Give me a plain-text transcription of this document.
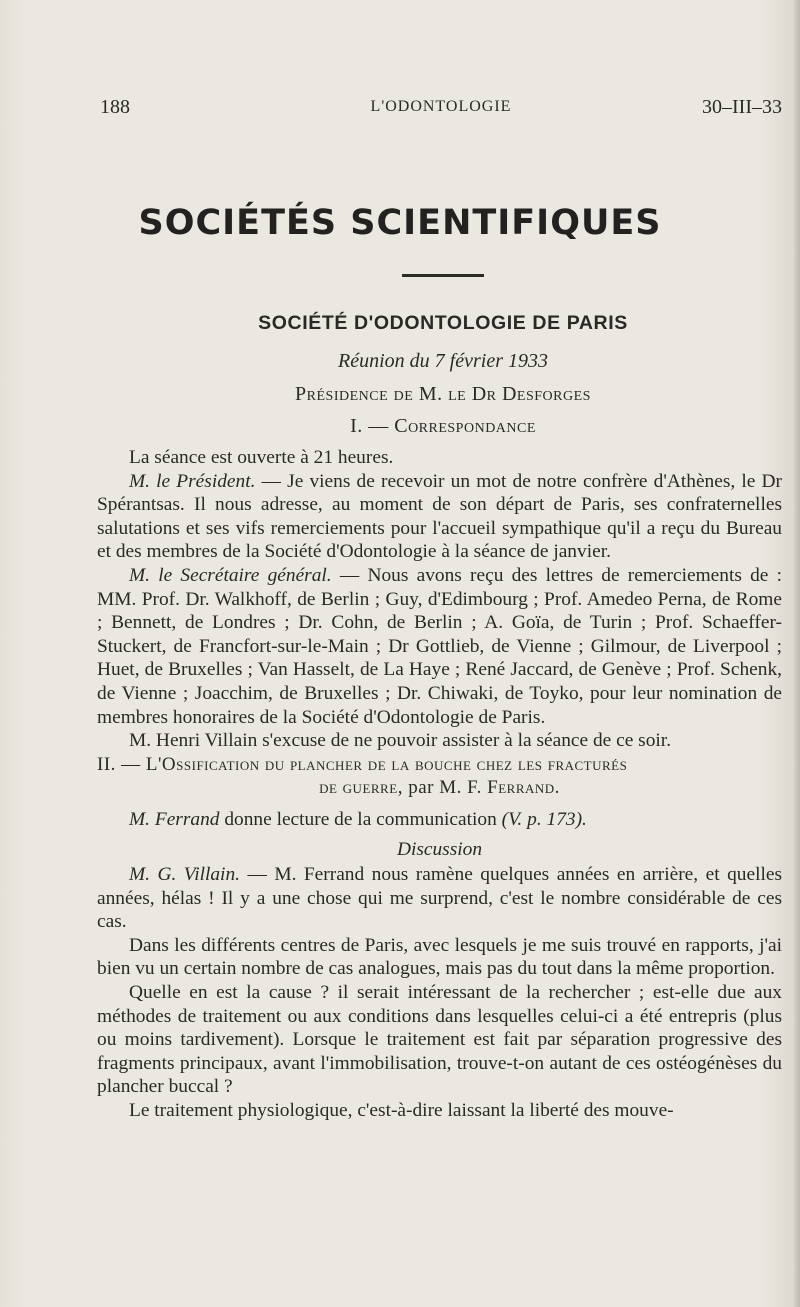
188	L'ODONTOLOGIE	30–III–33
SOCIÉTÉS SCIENTIFIQUES
SOCIÉTÉ D'ODONTOLOGIE DE PARIS
Réunion du 7 février 1933
Présidence de M. le Dr Desforges
I. — Correspondance

La séance est ouverte à 21 heures.

M. le Président. — Je viens de recevoir un mot de notre confrère d'Athènes, le Dr Spérantsas. Il nous adresse, au moment de son départ de Paris, ses confraternelles salutations et ses vifs remerciements pour l'accueil sympathique qu'il a reçu du Bureau et des membres de la Société d'Odontologie à la séance de janvier.

M. le Secrétaire général. — Nous avons reçu des lettres de remerciements de : MM. Prof. Dr. Walkhoff, de Berlin ; Guy, d'Edimbourg ; Prof. Amedeo Perna, de Rome ; Bennett, de Londres ; Dr. Cohn, de Berlin ; A. Goïa, de Turin ; Prof. Schaeffer-Stuckert, de Francfort-sur-le-Main ; Dr Gottlieb, de Vienne ; Gilmour, de Liverpool ; Huet, de Bruxelles ; Van Hasselt, de La Haye ; René Jaccard, de Genève ; Prof. Schenk, de Vienne ; Joacchim, de Bruxelles ; Dr. Chiwaki, de Toyko, pour leur nomination de membres honoraires de la Société d'Odontologie de Paris.

M. Henri Villain s'excuse de ne pouvoir assister à la séance de ce soir.

II. — L'Ossification du plancher de la bouche chez les fracturés
de guerre, par M. F. Ferrand.

M. Ferrand donne lecture de la communication (V. p. 173).

Discussion

M. G. Villain. — M. Ferrand nous ramène quelques années en arrière, et quelles années, hélas ! Il y a une chose qui me surprend, c'est le nombre considérable de ces cas.

Dans les différents centres de Paris, avec lesquels je me suis trouvé en rapports, j'ai bien vu un certain nombre de cas analogues, mais pas du tout dans la même proportion.

Quelle en est la cause ? il serait intéressant de la rechercher ; est-elle due aux méthodes de traitement ou aux conditions dans lesquelles celui-ci a été entrepris (plus ou moins tardivement). Lorsque le traitement est fait par séparation progressive des fragments principaux, avant l'immobilisation, trouve-t-on autant de ces ostéogénèses du plancher buccal ?

Le traitement physiologique, c'est-à-dire laissant la liberté des mouve-
